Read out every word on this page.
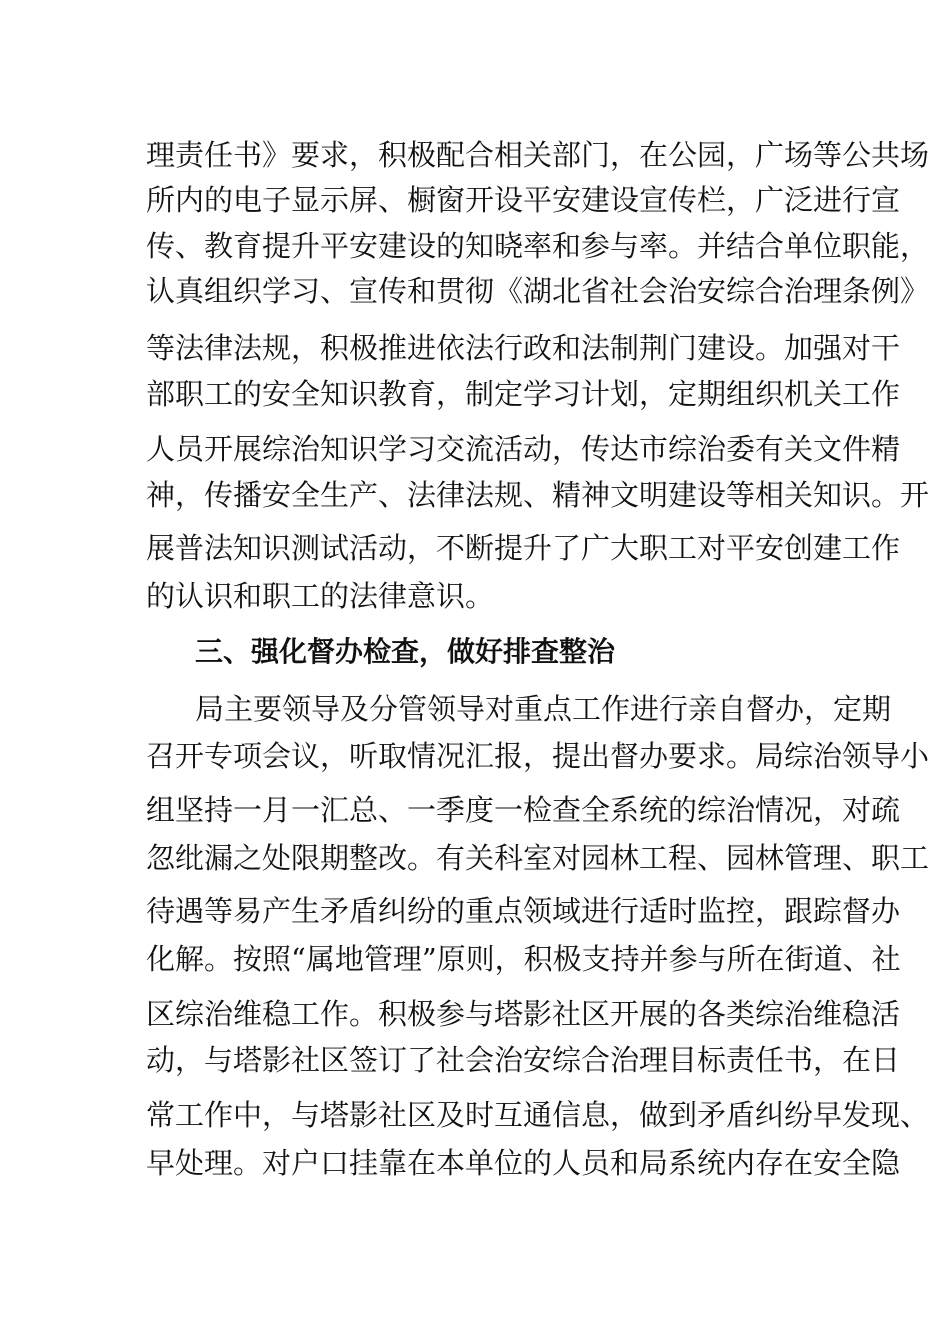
理责任书》要求，积极配合相关部门，在公园，广场等公共场
所内的电子显示屏、橱窗开设平安建设宣传栏，广泛进行宣
传、教育提升平安建设的知晓率和参与率。并结合单位职能，
认真组织学习、宣传和贯彻《湖北省社会治安综合治理条例》
等法律法规，积极推进依法行政和法制荆门建设。加强对干
部职工的安全知识教育，制定学习计划，定期组织机关工作
人员开展综治知识学习交流活动，传达市综治委有关文件精
神，传播安全生产、法律法规、精神文明建设等相关知识。开
展普法知识测试活动，不断提升了广大职工对平安创建工作
的认识和职工的法律意识。
三、强化督办检查，做好排查整治
局主要领导及分管领导对重点工作进行亲自督办，定期
召开专项会议，听取情况汇报，提出督办要求。局综治领导小
组坚持一月一汇总、一季度一检查全系统的综治情况，对疏
忽纰漏之处限期整改。有关科室对园林工程、园林管理、职工
待遇等易产生矛盾纠纷的重点领域进行适时监控，跟踪督办
化解。按照“属地管理”原则，积极支持并参与所在街道、社
区综治维稳工作。积极参与塔影社区开展的各类综治维稳活
动，与塔影社区签订了社会治安综合治理目标责任书，在日
常工作中，与塔影社区及时互通信息，做到矛盾纠纷早发现、
早处理。对户口挂靠在本单位的人员和局系统内存在安全隐
